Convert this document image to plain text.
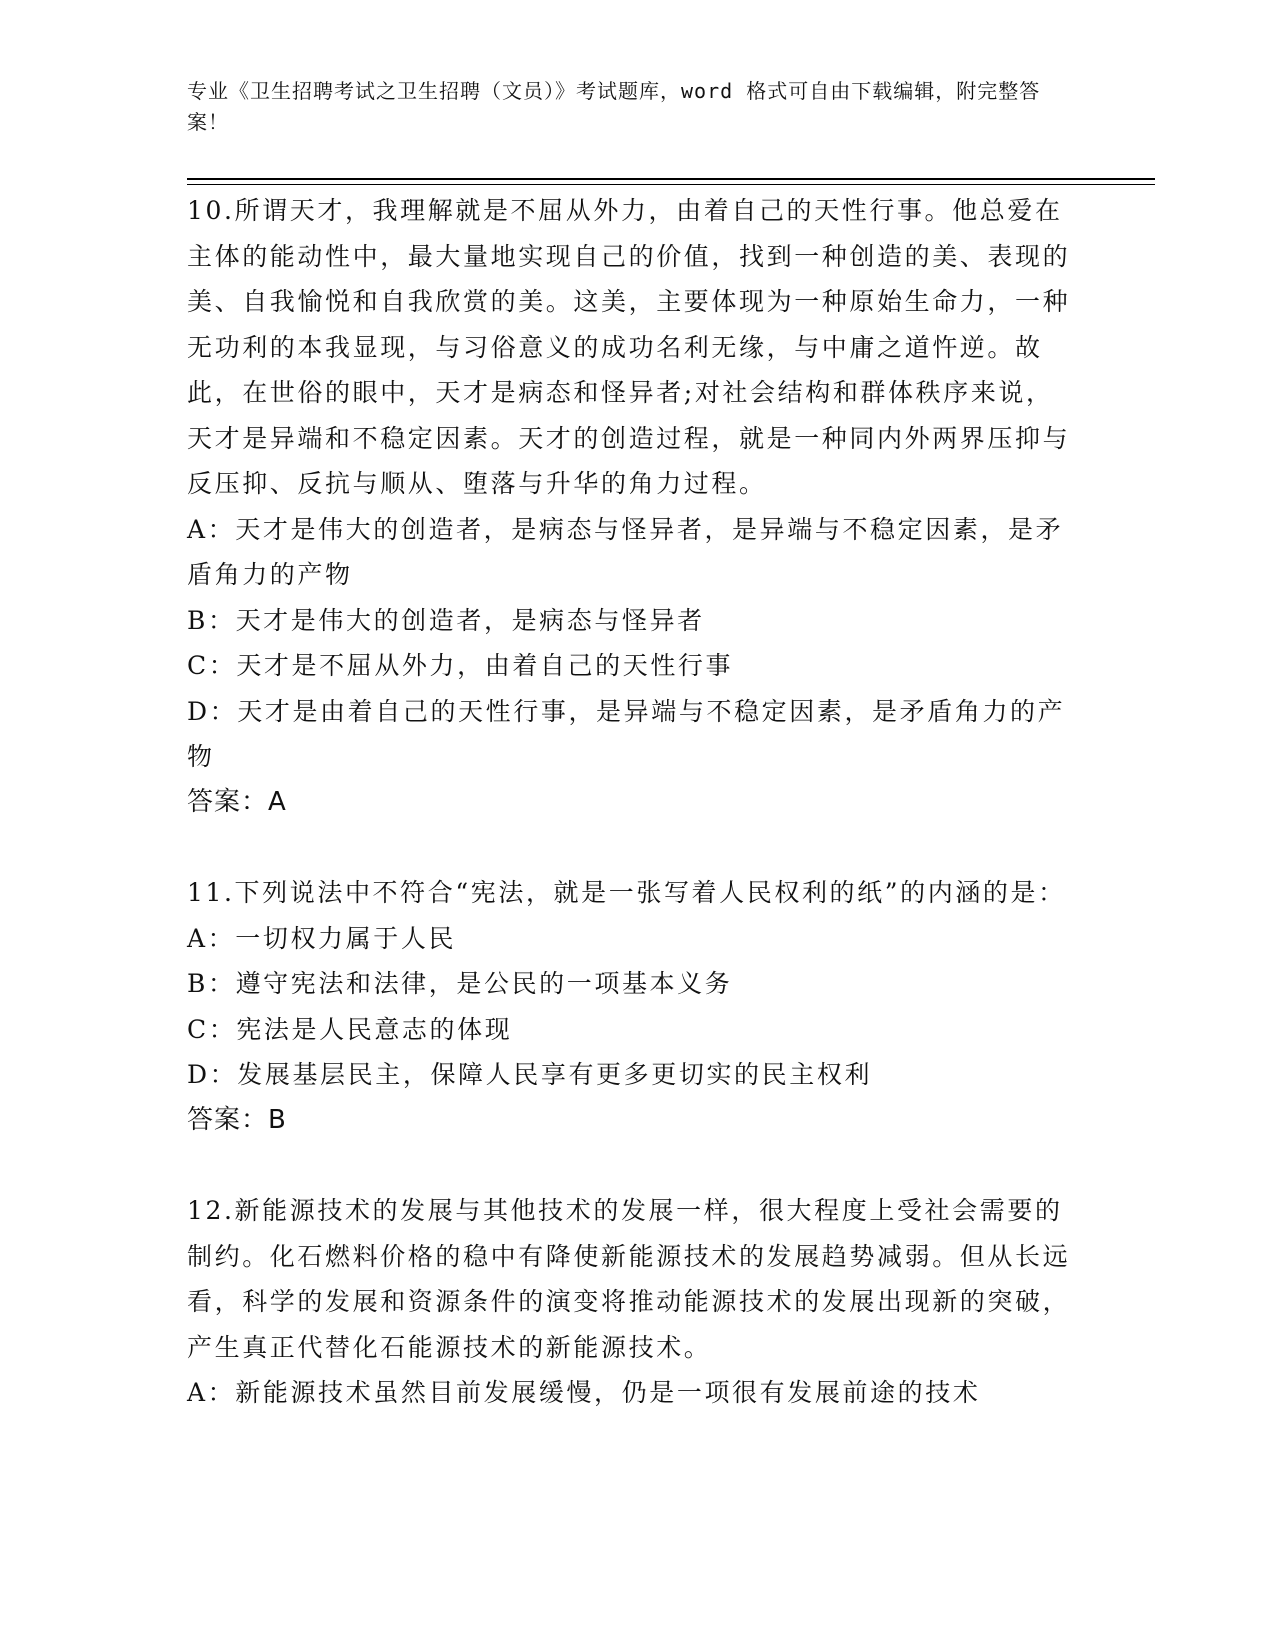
专业《卫生招聘考试之卫生招聘（文员）》考试题库，word 格式可自由下载编辑，附完整答案！
10.所谓天才，我理解就是不屈从外力，由着自己的天性行事。他总爱在主体的能动性中，最大量地实现自己的价值，找到一种创造的美、表现的美、自我愉悦和自我欣赏的美。这美，主要体现为一种原始生命力，一种无功利的本我显现，与习俗意义的成功名利无缘，与中庸之道忤逆。故此，在世俗的眼中，天才是病态和怪异者;对社会结构和群体秩序来说，天才是异端和不稳定因素。天才的创造过程，就是一种同内外两界压抑与反压抑、反抗与顺从、堕落与升华的角力过程。
A：天才是伟大的创造者，是病态与怪异者，是异端与不稳定因素，是矛盾角力的产物
B：天才是伟大的创造者，是病态与怪异者
C：天才是不屈从外力，由着自己的天性行事
D：天才是由着自己的天性行事，是异端与不稳定因素，是矛盾角力的产物
答案：A
11.下列说法中不符合“宪法，就是一张写着人民权利的纸”的内涵的是：
A：一切权力属于人民
B：遵守宪法和法律，是公民的一项基本义务
C：宪法是人民意志的体现
D：发展基层民主，保障人民享有更多更切实的民主权利
答案：B
12.新能源技术的发展与其他技术的发展一样，很大程度上受社会需要的制约。化石燃料价格的稳中有降使新能源技术的发展趋势减弱。但从长远看，科学的发展和资源条件的演变将推动能源技术的发展出现新的突破，产生真正代替化石能源技术的新能源技术。
A：新能源技术虽然目前发展缓慢，仍是一项很有发展前途的技术
